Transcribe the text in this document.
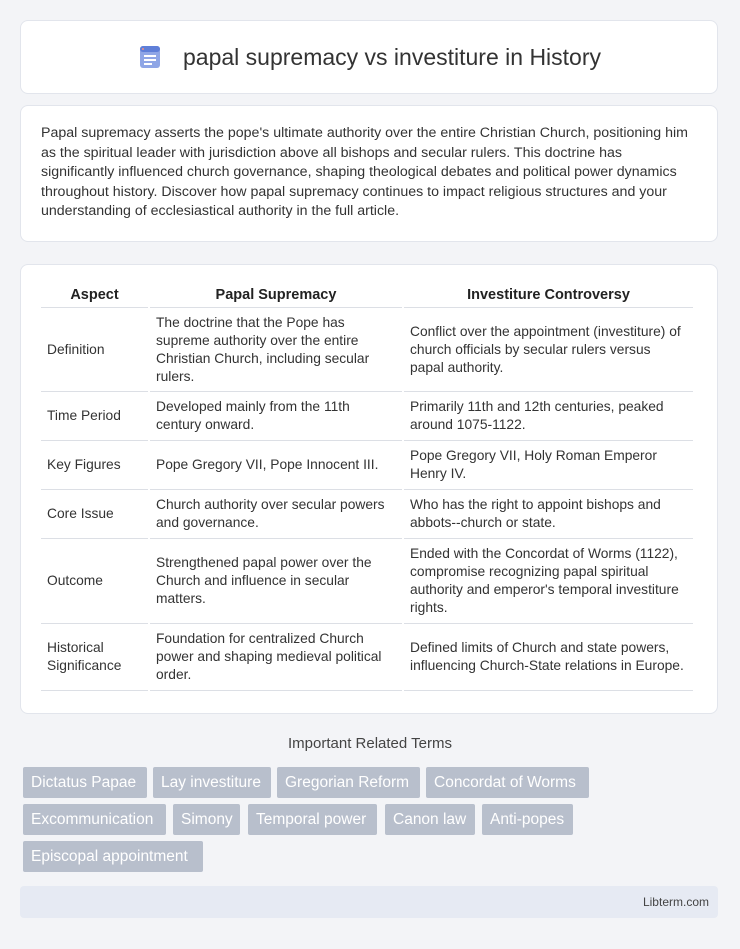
papal supremacy vs investiture in History

Papal supremacy asserts the pope's ultimate authority over the entire Christian Church, positioning him as the spiritual leader with jurisdiction above all bishops and secular rulers. This doctrine has significantly influenced church governance, shaping theological debates and political power dynamics throughout history. Discover how papal supremacy continues to impact religious structures and your understanding of ecclesiastical authority in the full article.

Aspect	Papal Supremacy	Investiture Controversy
Definition	The doctrine that the Pope has supreme authority over the entire Christian Church, including secular rulers.	Conflict over the appointment (investiture) of church officials by secular rulers versus papal authority.
Time Period	Developed mainly from the 11th century onward.	Primarily 11th and 12th centuries, peaked around 1075-1122.
Key Figures	Pope Gregory VII, Pope Innocent III.	Pope Gregory VII, Holy Roman Emperor Henry IV.
Core Issue	Church authority over secular powers and governance.	Who has the right to appoint bishops and abbots--church or state.
Outcome	Strengthened papal power over the Church and influence in secular matters.	Ended with the Concordat of Worms (1122), compromise recognizing papal spiritual authority and emperor's temporal investiture rights.
Historical Significance	Foundation for centralized Church power and shaping medieval political order.	Defined limits of Church and state powers, influencing Church-State relations in Europe.
Important Related Terms
Dictatus Papae	Lay investiture	Gregorian Reform	Concordat of Worms
Excommunication	Simony	Temporal power	Canon law	Anti-popes
Episcopal appointment
Libterm.com
